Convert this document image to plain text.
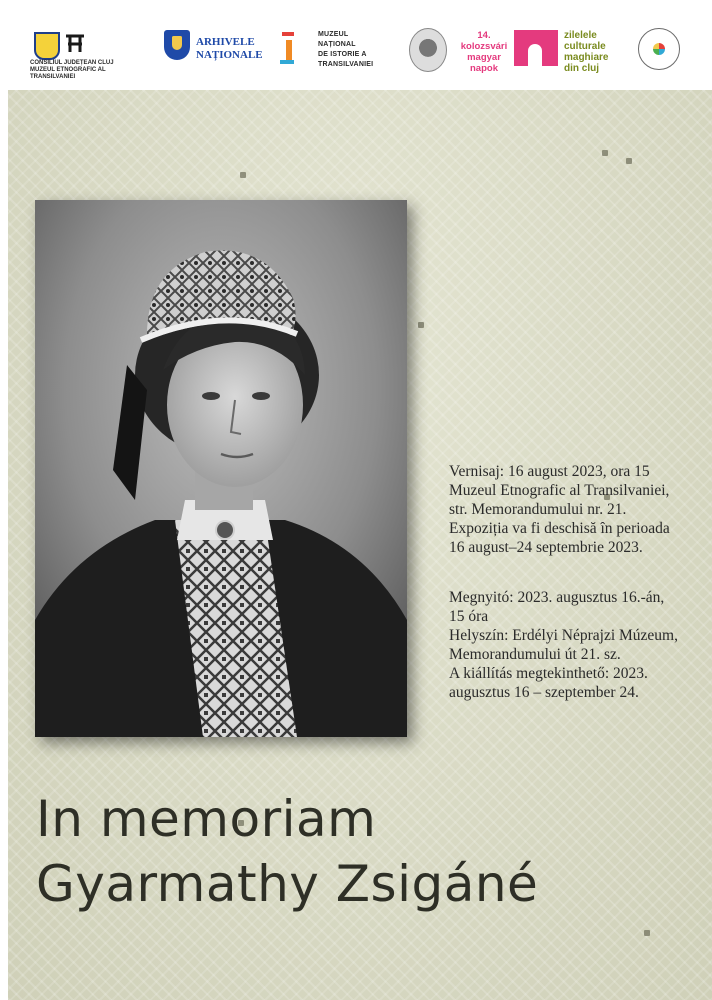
CONSILIUL JUDEȚEAN CLUJ
MUZEUL ETNOGRAFIC AL TRANSILVANIEI
ARHIVELE
NAȚIONALE
MUZEUL
NAȚIONAL
DE ISTORIE A
TRANSILVANIEI
14.
kolozsvári
magyar
napok
zilelele
culturale
maghiare
din cluj
Vernisaj: 16 august 2023, ora 15
Muzeul Etnografic al Transilvaniei,
str. Memorandumului nr. 21.
Expoziția va fi deschisă în perioada
16 august–24 septembrie 2023.
Megnyitó: 2023. augusztus 16.-án,
15 óra
Helyszín: Erdélyi Néprajzi Múzeum,
Memorandumului út 21. sz.
A kiállítás megtekinthető: 2023.
augusztus 16 – szeptember 24.
In memoriam
Gyarmathy Zsigáné
